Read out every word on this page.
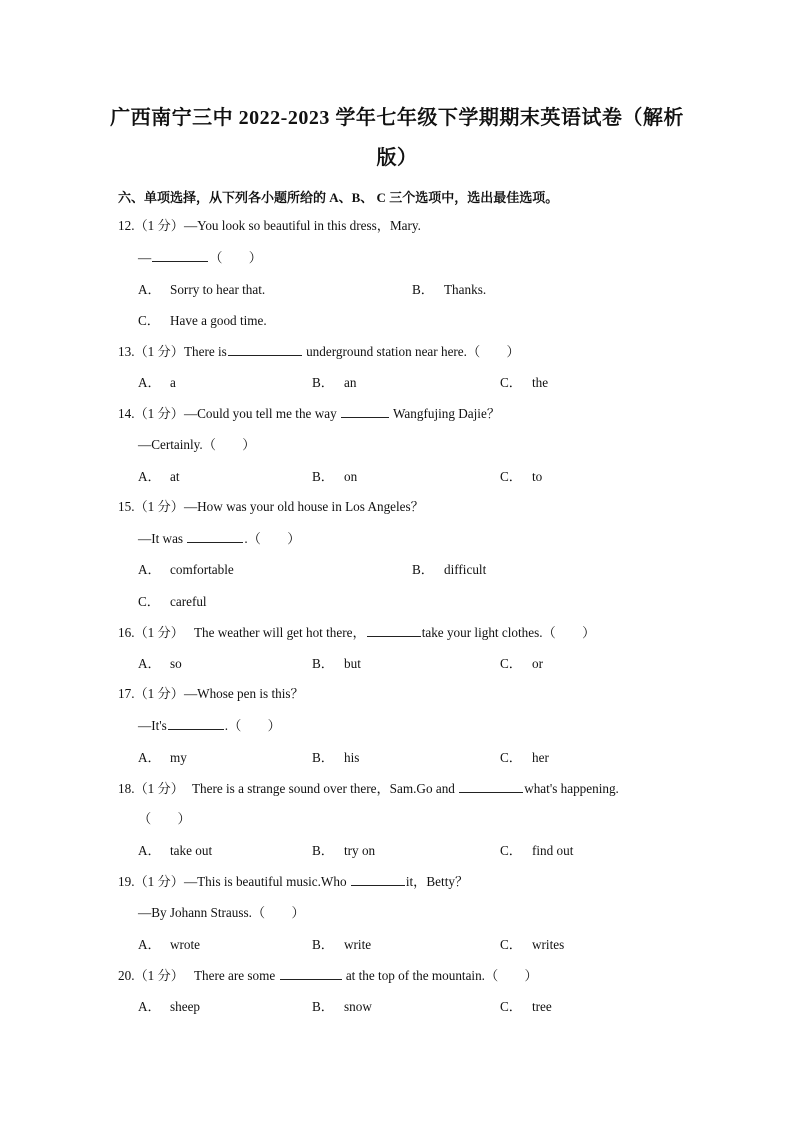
广西南宁三中 2022-2023 学年七年级下学期期末英语试卷（解析
版）
六、单项选择，从下列各小题所给的 A、B、 C 三个选项中，选出最佳选项。
12.（1 分）—You look so beautiful in this dress，Mary.
—	（　　）
A． Sorry to hear that.	B． Thanks.
C． Have a good time.
13.（1 分）There is	underground station near here.（　　）
A． a	B． an	C． the
14.（1 分）—Could you tell me the way	Wangfujing Dajie？
—Certainly.（　　）
A． at	B． on	C． to
15.（1 分）—How was your old house in Los Angeles？
—It was	.（　　）
A． comfortable	B． difficult
C． careful
16.（1 分） The weather will get hot there，	take your light clothes.（　　）
A． so	B． but	C． or
17.（1 分）—Whose pen is this？
—It's	.（　　）
A． my	B． his	C． her
18.（1 分） There is a strange sound over there，Sam.Go and	what's happening.
（　　）
A． take out	B． try on	C． find out
19.（1 分）—This is beautiful music.Who	it，Betty？
—By Johann Strauss.（　　）
A． wrote	B． write	C． writes
20.（1 分） There are some	at the top of the mountain.（　　）
A． sheep	B． snow	C． tree
